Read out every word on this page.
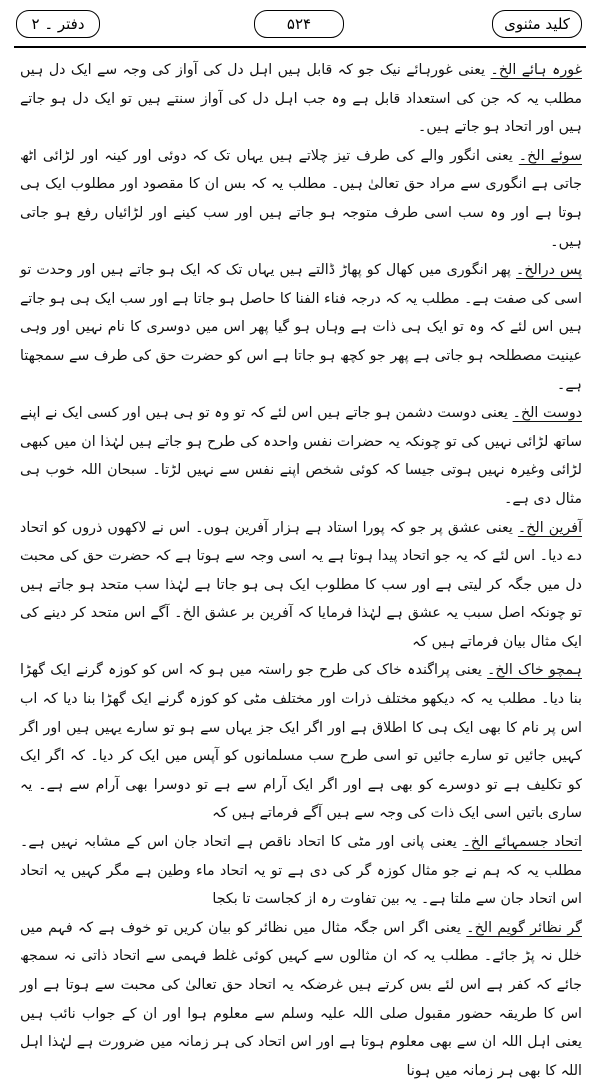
کلید مثنوی
۵۲۴
دفتر ۔ ۲

غورہ ہائے الخ۔ یعنی غورہائے نیک جو کہ قابل ہیں اہل دل کی آواز کی وجہ سے ایک دل ہیں مطلب یہ کہ جن کی استعداد قابل ہے وہ جب اہل دل کی آواز سنتے ہیں تو ایک دل ہو جاتے ہیں اور اتحاد ہو جاتے ہیں۔

سوئے الخ۔ یعنی انگور والے کی طرف تیز چلاتے ہیں یہاں تک کہ دوئی اور کینہ اور لڑائی اٹھ جاتی ہے انگوری سے مراد حق تعالیٰ ہیں۔ مطلب یہ کہ بس ان کا مقصود اور مطلوب ایک ہی ہوتا ہے اور وہ سب اسی طرف متوجہ ہو جاتے ہیں اور سب کینے اور لڑائیاں رفع ہو جاتی ہیں۔

پس درالخ۔ پھر انگوری میں کھال کو پھاڑ ڈالتے ہیں یہاں تک کہ ایک ہو جاتے ہیں اور وحدت تو اسی کی صفت ہے۔ مطلب یہ کہ درجہ فناء الفنا کا حاصل ہو جاتا ہے اور سب ایک ہی ہو جاتے ہیں اس لئے کہ وہ تو ایک ہی ذات ہے وہاں ہو گیا پھر اس میں دوسری کا نام نہیں اور وہی عینیت مصطلحہ ہو جاتی ہے پھر جو کچھ ہو جاتا ہے اس کو حضرت حق کی طرف سے سمجھتا ہے۔

دوست الخ۔ یعنی دوست دشمن ہو جاتے ہیں اس لئے کہ تو وہ تو ہی ہیں اور کسی ایک نے اپنے ساتھ لڑائی نہیں کی تو چونکہ یہ حضرات نفس واحدہ کی طرح ہو جاتے ہیں لہٰذا ان میں کبھی لڑائی وغیرہ نہیں ہوتی جیسا کہ کوئی شخص اپنے نفس سے نہیں لڑتا۔ سبحان اللہ خوب ہی مثال دی ہے۔

آفرین الخ۔ یعنی عشق پر جو کہ پورا استاد ہے ہزار آفرین ہوں۔ اس نے لاکھوں ذروں کو اتحاد دے دیا۔ اس لئے کہ یہ جو اتحاد پیدا ہوتا ہے یہ اسی وجہ سے ہوتا ہے کہ حضرت حق کی محبت دل میں جگہ کر لیتی ہے اور سب کا مطلوب ایک ہی ہو جاتا ہے لہٰذا سب متحد ہو جاتے ہیں تو چونکہ اصل سبب یہ عشق ہے لہٰذا فرمایا کہ آفرین بر عشق الخ۔ آگے اس متحد کر دینے کی ایک مثال بیان فرماتے ہیں کہ

ہمچو خاک الخ۔ یعنی پراگندہ خاک کی طرح جو راستہ میں ہو کہ اس کو کوزہ گرنے ایک گھڑا بنا دیا۔ مطلب یہ کہ دیکھو مختلف ذرات اور مختلف مٹی کو کوزہ گرنے ایک گھڑا بنا دیا کہ اب اس پر نام کا بھی ایک ہی کا اطلاق ہے اور اگر ایک جز یہاں سے ہو تو سارے یہیں ہیں اور اگر کہیں جائیں تو سارے جائیں تو اسی طرح سب مسلمانوں کو آپس میں ایک کر دیا۔ کہ اگر ایک کو تکلیف ہے تو دوسرے کو بھی ہے اور اگر ایک آرام سے ہے تو دوسرا بھی آرام سے ہے۔ یہ ساری باتیں اسی ایک ذات کی وجہ سے ہیں آگے فرماتے ہیں کہ

اتحاد جسمہائے الخ۔ یعنی پانی اور مٹی کا اتحاد ناقص ہے اتحاد جان اس کے مشابہ نہیں ہے۔ مطلب یہ کہ ہم نے جو مثال کوزہ گر کی دی ہے تو یہ اتحاد ماء وطین ہے مگر کہیں یہ اتحاد اس اتحاد جان سے ملتا ہے۔ یہ بین تفاوت رہ از کجاست تا بکجا

گر نظائر گویم الخ۔ یعنی اگر اس جگہ مثال میں نظائر کو بیان کریں تو خوف ہے کہ فہم میں خلل نہ پڑ جائے۔ مطلب یہ کہ ان مثالوں سے کہیں کوئی غلط فہمی سے اتحاد ذاتی نہ سمجھ جائے کہ کفر ہے اس لئے بس کرتے ہیں غرضکہ یہ اتحاد حق تعالیٰ کی محبت سے ہوتا ہے اور اس کا طریقہ حضور مقبول صلی اللہ علیہ وسلم سے معلوم ہوا اور ان کے جواب نائب ہیں یعنی اہل اللہ ان سے بھی معلوم ہوتا ہے اور اس اتحاد کی ہر زمانہ میں ضرورت ہے لہٰذا اہل اللہ کا بھی ہر زمانہ میں ہونا
